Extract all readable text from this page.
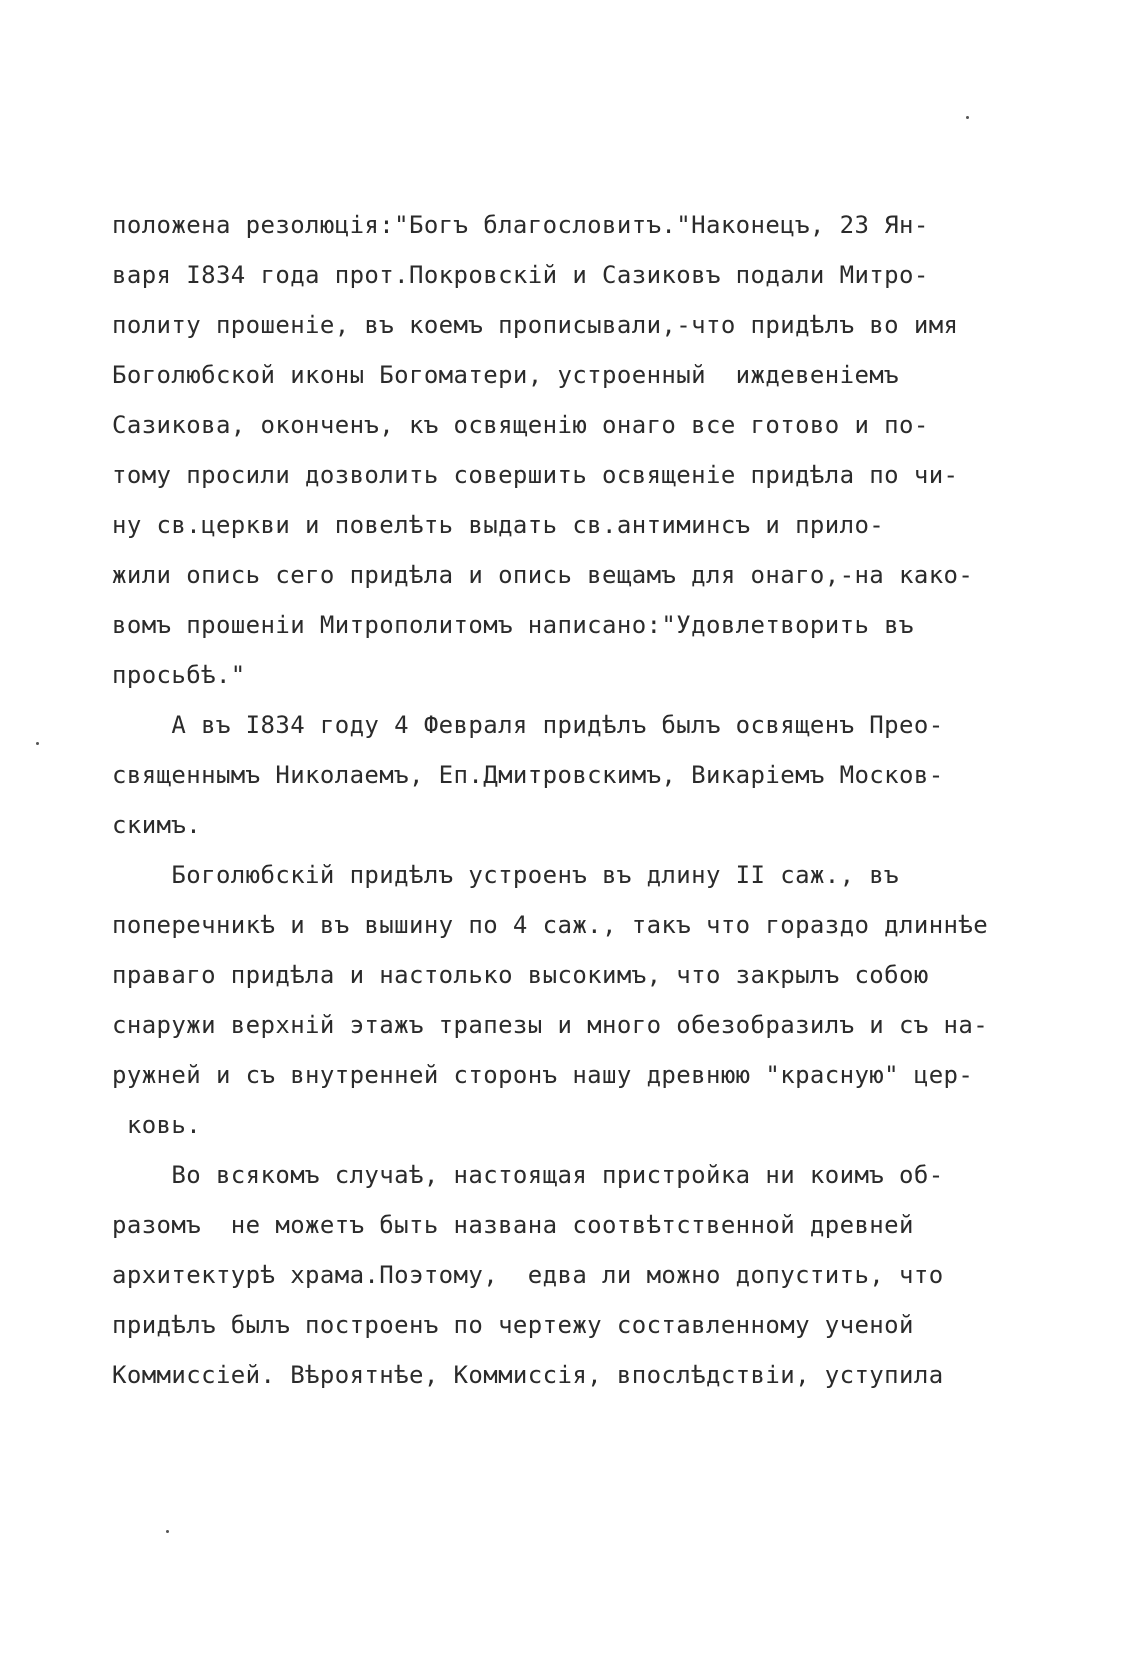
положена резолюція:"Богъ благословитъ."Наконецъ, 23 Ян-
варя I834 года прот.Покровскій и Сазиковъ подали Митро-
политу прошеніе, въ коемъ прописывали,-что придѣлъ во имя
Боголюбской иконы Богоматери, устроенный  иждевеніемъ
Сазикова, оконченъ, къ освященію онаго все готово и по-
тому просили дозволить совершить освященіе придѣла по чи-
ну св.церкви и повелѣть выдать св.антиминсъ и прило-
жили опись сего придѣла и опись вещамъ для онаго,-на како-
вомъ прошеніи Митрополитомъ написано:"Удовлетворить въ
просьбѣ."
А въ I834 году 4 Февраля придѣлъ былъ освященъ Прео-
священнымъ Николаемъ, Еп.Дмитровскимъ, Викаріемъ Москов-
скимъ.
Боголюбскій придѣлъ устроенъ въ длину II саж., въ
поперечникѣ и въ вышину по 4 саж., такъ что гораздо длиннѣе
праваго придѣла и настолько высокимъ, что закрылъ собою
снаружи верхній этажъ трапезы и много обезобразилъ и съ на-
ружней и съ внутренней сторонъ нашу древнюю "красную" цер-
ковь.
Во всякомъ случаѣ, настоящая пристройка ни коимъ об-
разомъ  не можетъ быть названа соотвѣтственной древней
архитектурѣ храма.Поэтому,  едва ли можно допустить, что
придѣлъ былъ построенъ по чертежу составленному ученой
Коммиссіей. Вѣроятнѣе, Коммиссія, впослѣдствіи, уступила
